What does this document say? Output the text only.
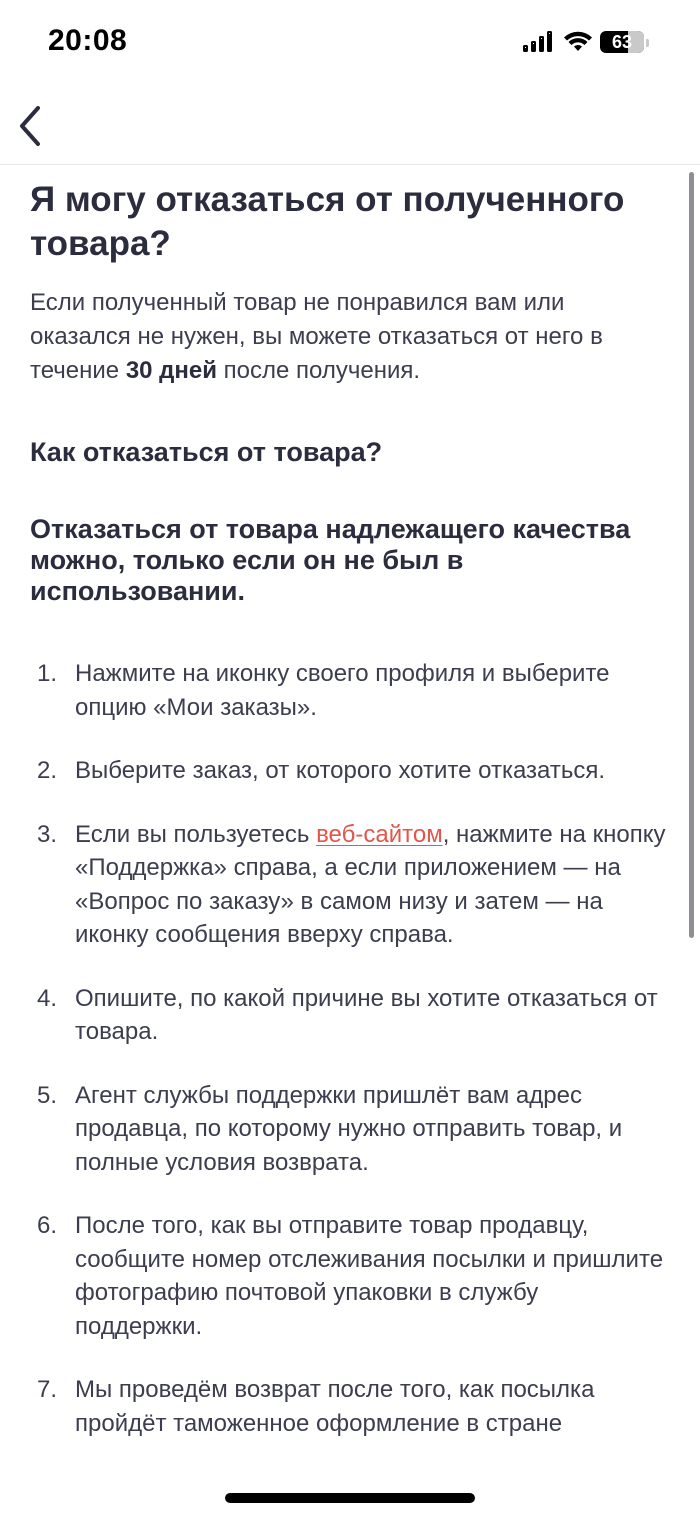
20:08	63
Я могу отказаться от полученного товара?

Если полученный товар не понравился вам или оказался не нужен, вы можете отказаться от него в течение 30 дней после получения.

Как отказаться от товара?

Отказаться от товара надлежащего качества можно, только если он не был в использовании.

1. Нажмите на иконку своего профиля и выберите опцию «Мои заказы».
2. Выберите заказ, от которого хотите отказаться.
3. Если вы пользуетесь веб-сайтом, нажмите на кнопку «Поддержка» справа, а если приложением — на «Вопрос по заказу» в самом низу и затем — на иконку сообщения вверху справа.
4. Опишите, по какой причине вы хотите отказаться от товара.
5. Агент службы поддержки пришлёт вам адрес продавца, по которому нужно отправить товар, и полные условия возврата.
6. После того, как вы отправите товар продавцу, сообщите номер отслеживания посылки и пришлите фотографию почтовой упаковки в службу поддержки.
7. Мы проведём возврат после того, как посылка пройдёт таможенное оформление в стране
